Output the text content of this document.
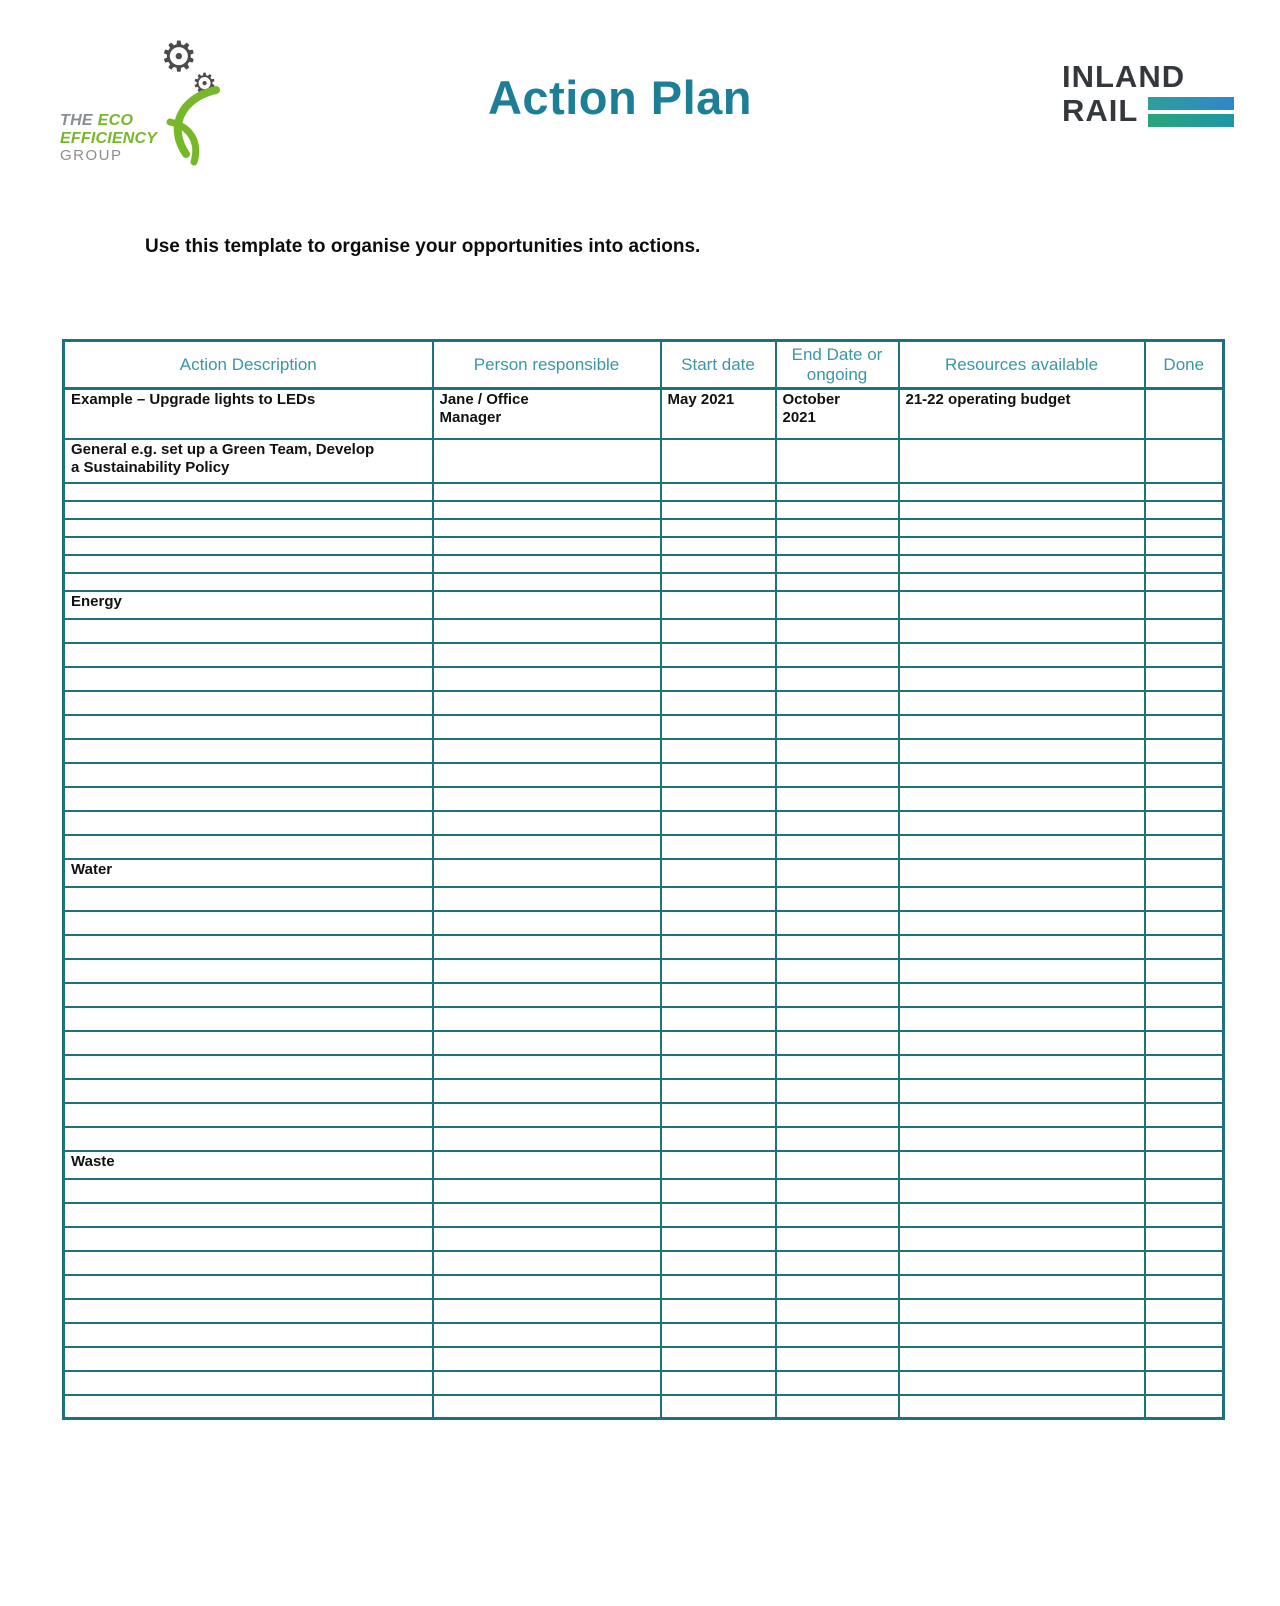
⚙
⚙
THE ECO
EFFICIENCY
GROUP
Action Plan	INLAND
RAIL

Use this template to organise your opportunities into actions.

Action Description	Person responsible	Start date	End Date or ongoing	Resources available	Done
Example – Upgrade lights to LEDs	Jane / Office Manager	May 2021	October 2021	21-22 operating budget	
General e.g. set up a Green Team, Develop a Sustainability Policy					

Energy					

Water					

Waste					
